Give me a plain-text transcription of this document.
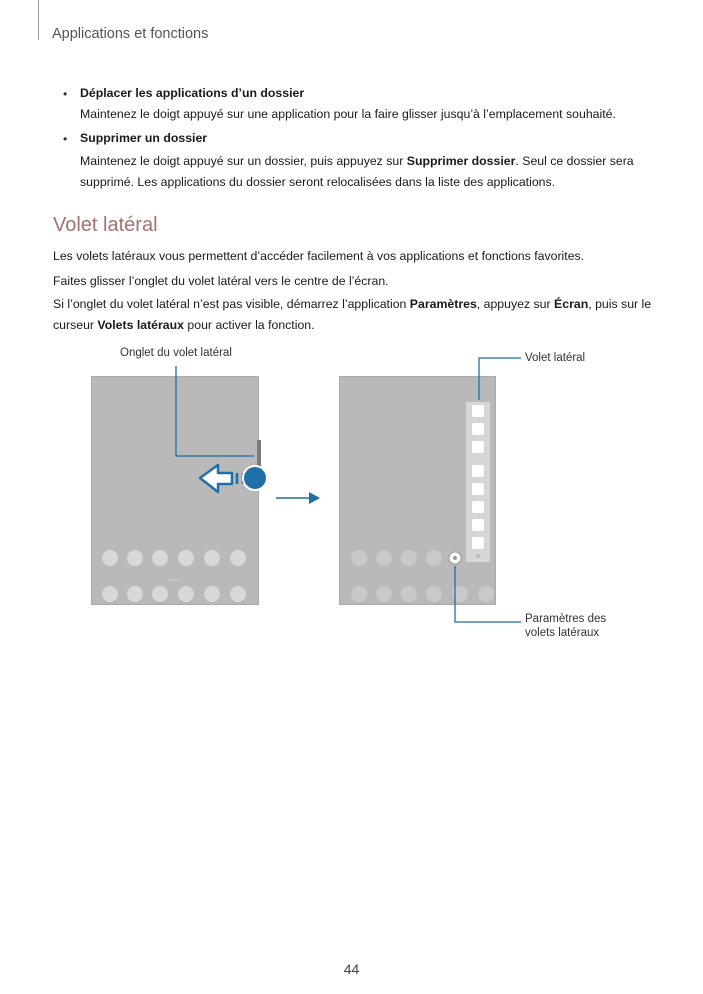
Applications et fonctions
• Déplacer les applications d’un dossier
Maintenez le doigt appuyé sur une application pour la faire glisser jusqu’à l’emplacement souhaité.
• Supprimer un dossier
Maintenez le doigt appuyé sur un dossier, puis appuyez sur Supprimer dossier. Seul ce dossier sera
supprimé. Les applications du dossier seront relocalisées dans la liste des applications.
Volet latéral
Les volets latéraux vous permettent d’accéder facilement à vos applications et fonctions favorites.
Faites glisser l’onglet du volet latéral vers le centre de l’écran.
Si l’onglet du volet latéral n’est pas visible, démarrez l’application Paramètres, appuyez sur Écran, puis sur le
curseur Volets latéraux pour activer la fonction.
Onglet du volet latéral	Volet latéral
Paramètres des
volets latéraux
44
